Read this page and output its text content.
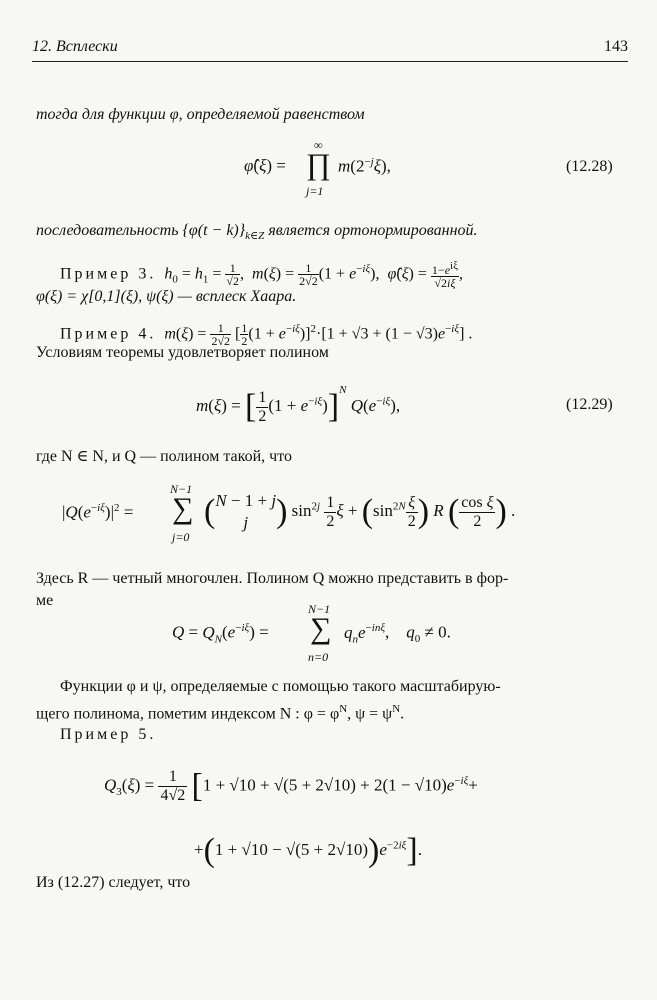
12. Всплески	143
тогда для функции φ, определяемой равенством
φ̂(ξ) =
∞
∏
j=1
$m(2^{-j}\xi)$,	(12.28)
последовательность $\{\varphi(t - k)\}_{k\in Z}$ является ортонормированной.
Пример 3. $h_0 = h_1 = \frac{1}{√2}$ ,  $m(\xi) = \frac{1}{2√2} (1 + e^{-i\xi})$,  φ̂(ξ) = $\frac{1-e^{i\xi}}{√2i\xi}$ ,
φ(ξ) = χ[0,1](ξ), ψ(ξ) — всплеск Хаара.
Пример 4. $m(\xi) = \frac{1}{2√2}$ [ $\frac{1}{2} (1 + e^{-i\xi})]^2\cdot[1 + √3 + (1 - √3)e^{-i\xi}]$ .
Условиям теоремы удовлетворяет полином
m(ξ) = [ $\frac{1}{2} (1 + e^{-i\xi})]^N$ $Q(e^{-i\xi})$,	(12.29)
где N ∈ N, и Q — полином такой, что
$|Q(e^{-i\xi})|^2$ =
N−1
∑
j=0
( N − 1 + j
j ) $\sin^{2j} \frac{1}{2}$ $\xi + (\sin^{2N} \frac{\xi}{2}$ ) R ( $\frac{\text{cos ξ}}{2}$ ) .
Здесь R — четный многочлен. Полином Q можно представить в фор-
ме
$Q = Q_N(e^{-i\xi})$ =
N−1
∑
n=0
$q_ne^{-in\xi}$,    $q_0 \ne 0$.
Функции φ и ψ, определяемые с помощью такого масштабирую-
щего полинома, пометим индексом N : $\varphi = \varphi^N$, $\psi = \psi^N$.
Пример 5.
$Q_3(\xi) = \frac{1}{4√2} [1 + √10 + √(5 + 2√10) + 2(1 - √10)e^{-i\xi}+$
$+(1 + √10 - √(5 + 2√10))e^{-2i\xi}$].
Из (12.27) следует, что
